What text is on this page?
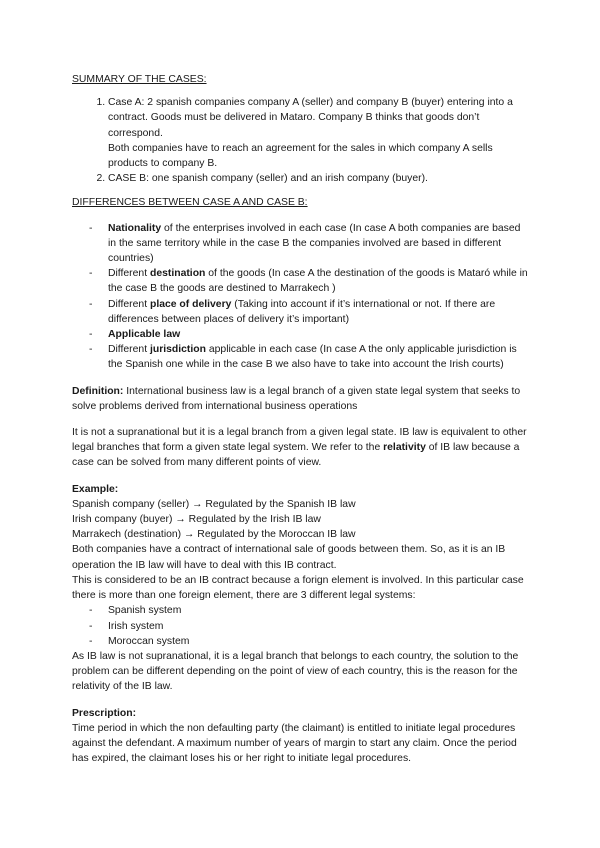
SUMMARY OF THE CASES:

1. Case A: 2 spanish companies company A (seller) and company B (buyer) entering into a contract. Goods must be delivered in Mataro. Company B thinks that goods don’t correspond.

Both companies have to reach an agreement for the sales in which company A sells products to company B.

2. CASE B: one spanish company (seller) and an irish company (buyer).

DIFFERENCES BETWEEN CASE A AND CASE B:
- Nationality of the enterprises involved in each case (In case A both companies are based in the same territory while in the case B the companies involved are based in different countries)
- Different destination of the goods (In case A the destination of the goods is Mataró while in the case B the goods are destined to Marrakech )
- Different place of delivery (Taking into account if it’s international or not. If there are differences between places of delivery it’s important)
- Applicable law
- Different jurisdiction applicable in each case (In case A the only applicable jurisdiction is the Spanish one while in the case B we also have to take into account the Irish courts)

Definition: International business law is a legal branch of a given state legal system that seeks to solve problems derived from international business operations

It is not a supranational but it is a legal branch from a given legal state. IB law is equivalent to other legal branches that form a given state legal system. We refer to the relativity of IB law because a case can be solved from many different points of view.

Example:

Spanish company (seller) → Regulated by the Spanish IB law

Irish company (buyer) → Regulated by the Irish IB law

Marrakech (destination) → Regulated by the Moroccan IB law

Both companies have a contract of international sale of goods between them. So, as it is an IB operation the IB law will have to deal with this IB contract.

This is considered to be an IB contract because a forign element is involved. In this particular case there is more than one foreign element, there are 3 different legal systems:

- Spanish system
- Irish system
- Moroccan system

As IB law is not supranational, it is a legal branch that belongs to each country, the solution to the problem can be different depending on the point of view of each country, this is the reason for the relativity of the IB law.

Prescription:

Time period in which the non defaulting party (the claimant) is entitled to initiate legal procedures against the defendant. A maximum number of years of margin to start any claim. Once the period has expired, the claimant loses his or her right to initiate legal procedures.
